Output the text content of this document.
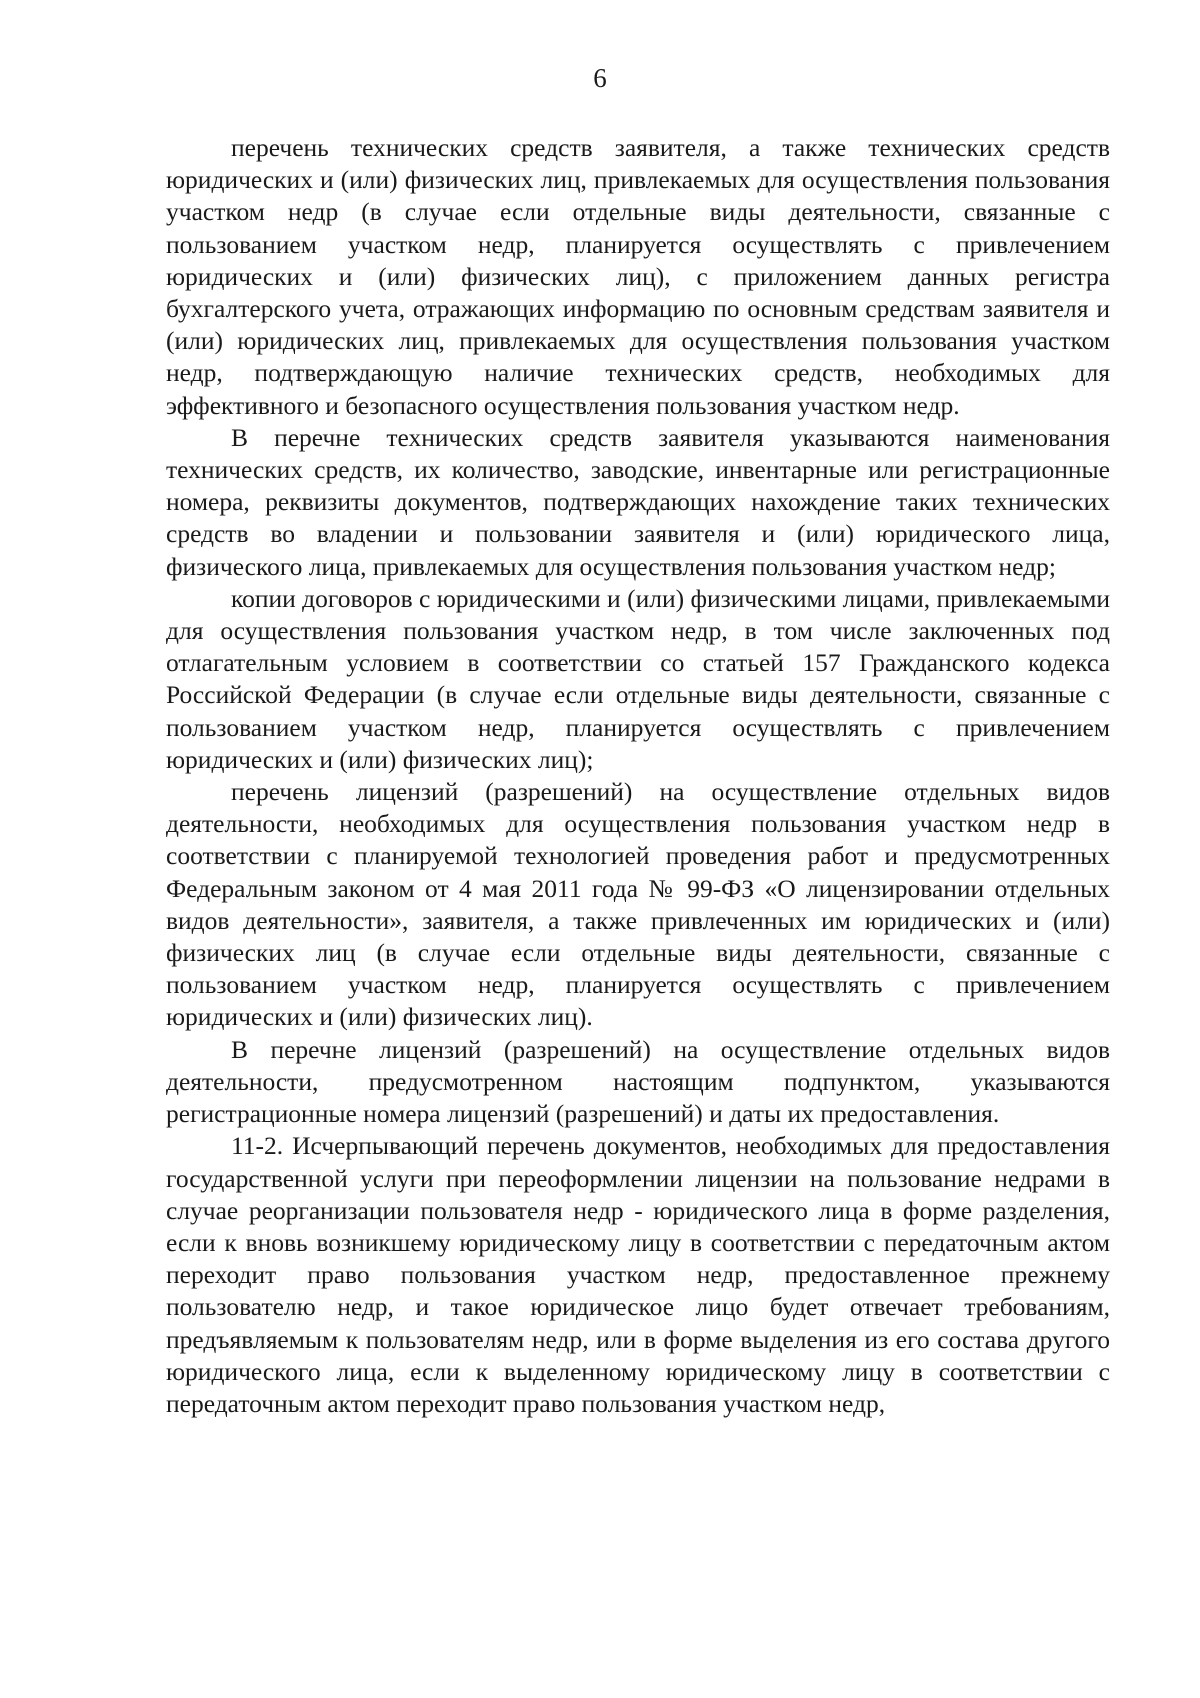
6

перечень технических средств заявителя, а также технических средств юридических и (или) физических лиц, привлекаемых для осуществления пользования участком недр (в случае если отдельные виды деятельности, связанные с пользованием участком недр, планируется осуществлять с привлечением юридических и (или) физических лиц), с приложением данных регистра бухгалтерского учета, отражающих информацию по основным средствам заявителя и (или) юридических лиц, привлекаемых для осуществления пользования участком недр, подтверждающую наличие технических средств, необходимых для эффективного и безопасного осуществления пользования участком недр.

В перечне технических средств заявителя указываются наименования технических средств, их количество, заводские, инвентарные или регистрационные номера, реквизиты документов, подтверждающих нахождение таких технических средств во владении и пользовании заявителя и (или) юридического лица, физического лица, привлекаемых для осуществления пользования участком недр;

копии договоров с юридическими и (или) физическими лицами, привлекаемыми для осуществления пользования участком недр, в том числе заключенных под отлагательным условием в соответствии со статьей 157 Гражданского кодекса Российской Федерации (в случае если отдельные виды деятельности, связанные с пользованием участком недр, планируется осуществлять с привлечением юридических и (или) физических лиц);

перечень лицензий (разрешений) на осуществление отдельных видов деятельности, необходимых для осуществления пользования участком недр в соответствии с планируемой технологией проведения работ и предусмотренных Федеральным законом от 4 мая 2011 года № 99-ФЗ «О лицензировании отдельных видов деятельности», заявителя, а также привлеченных им юридических и (или) физических лиц (в случае если отдельные виды деятельности, связанные с пользованием участком недр, планируется осуществлять с привлечением юридических и (или) физических лиц).

В перечне лицензий (разрешений) на осуществление отдельных видов деятельности, предусмотренном настоящим подпунктом, указываются регистрационные номера лицензий (разрешений) и даты их предоставления.

11-2. Исчерпывающий перечень документов, необходимых для предоставления государственной услуги при переоформлении лицензии на пользование недрами в случае реорганизации пользователя недр - юридического лица в форме разделения, если к вновь возникшему юридическому лицу в соответствии с передаточным актом переходит право пользования участком недр, предоставленное прежнему пользователю недр, и такое юридическое лицо будет отвечает требованиям, предъявляемым к пользователям недр, или в форме выделения из его состава другого юридического лица, если к выделенному юридическому лицу в соответствии с передаточным актом переходит право пользования участком недр,
